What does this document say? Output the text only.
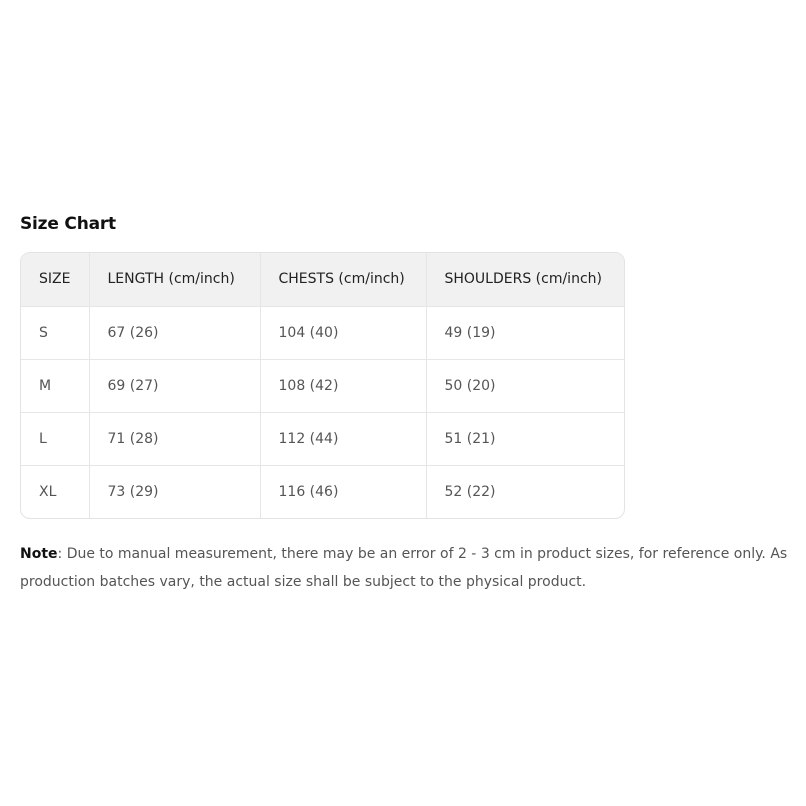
Size Chart
SIZE	LENGTH (cm/inch)	CHESTS (cm/inch)	SHOULDERS (cm/inch)
S	67 (26)	104 (40)	49 (19)
M	69 (27)	108 (42)	50 (20)
L	71 (28)	112 (44)	51 (21)
XL	73 (29)	116 (46)	52 (22)
Note: Due to manual measurement, there may be an error of 2 - 3 cm in product sizes, for reference only. As production batches vary, the actual size shall be subject to the physical product.
